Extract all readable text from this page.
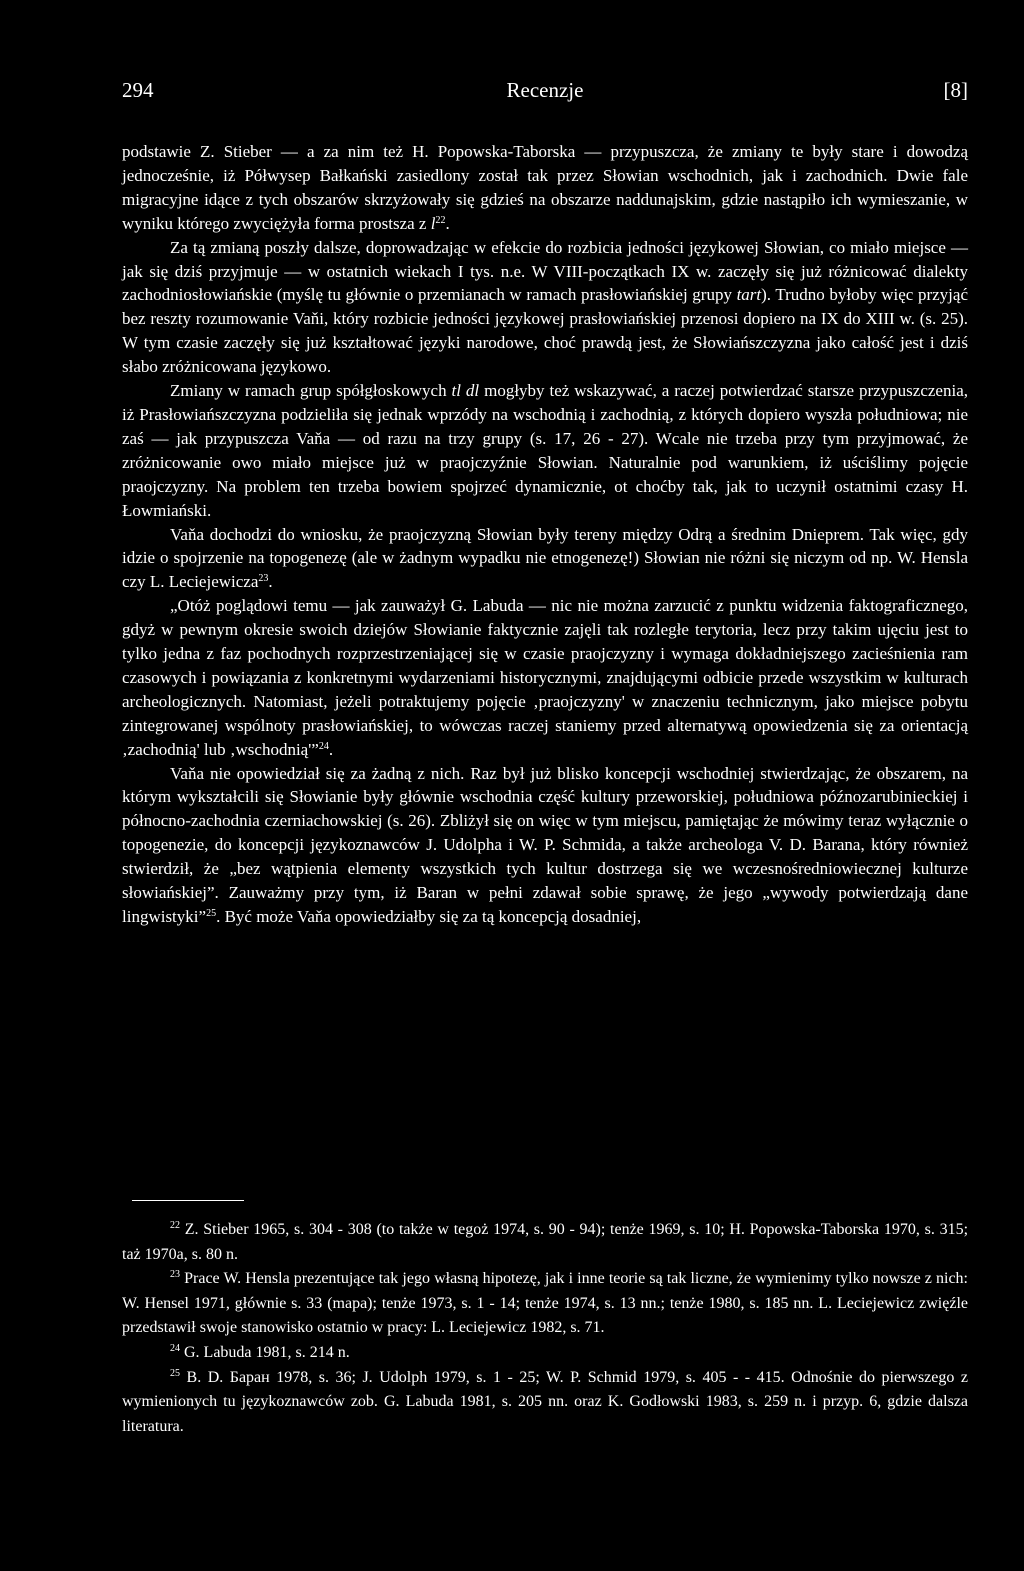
294	Recenzje	[8]

podstawie Z. Stieber — a za nim też H. Popowska-Taborska — przypuszcza, że zmiany te były stare i dowodzą jednocześnie, iż Półwysep Bałkański zasiedlony został tak przez Słowian wschodnich, jak i zachodnich. Dwie fale migracyjne idące z tych obszarów skrzyżowały się gdzieś na obszarze naddunajskim, gdzie nastąpiło ich wymieszanie, w wyniku którego zwyciężyła forma prostsza z $l^{22}$.

Za tą zmianą poszły dalsze, doprowadzając w efekcie do rozbicia jedności językowej Słowian, co miało miejsce — jak się dziś przyjmuje — w ostatnich wiekach I tys. n.e. W VIII-początkach IX w. zaczęły się już różnicować dialekty zachodniosłowiańskie (myślę tu głównie o przemianach w ramach prasłowiańskiej grupy tart). Trudno byłoby więc przyjąć bez reszty rozumowanie Vaňi, który rozbicie jedności językowej prasłowiańskiej przenosi dopiero na IX do XIII w. (s. 25). W tym czasie zaczęły się już kształtować języki narodowe, choć prawdą jest, że Słowiańszczyzna jako całość jest i dziś słabo zróżnicowana językowo.

Zmiany w ramach grup spółgłoskowych tl dl mogłyby też wskazywać, a raczej potwierdzać starsze przypuszczenia, iż Prasłowiańszczyzna podzieliła się jednak wprzódy na wschodnią i zachodnią, z których dopiero wyszła południowa; nie zaś — jak przypuszcza Vaňa — od razu na trzy grupy (s. 17, 26 - 27). Wcale nie trzeba przy tym przyjmować, że zróżnicowanie owo miało miejsce już w praojczyźnie Słowian. Naturalnie pod warunkiem, iż uściślimy pojęcie praojczyzny. Na problem ten trzeba bowiem spojrzeć dynamicznie, ot choćby tak, jak to uczynił ostatnimi czasy H. Łowmiański.

Vaňa dochodzi do wniosku, że praojczyzną Słowian były tereny między Odrą a średnim Dnieprem. Tak więc, gdy idzie o spojrzenie na topogenezę (ale w żadnym wypadku nie etnogenezę!) Słowian nie różni się niczym od np. W. Hensla czy L. Leciejewicza$^{23}$.

„Otóż poglądowi temu — jak zauważył G. Labuda — nic nie można zarzucić z punktu widzenia faktograficznego, gdyż w pewnym okresie swoich dziejów Słowianie faktycznie zajęli tak rozległe terytoria, lecz przy takim ujęciu jest to tylko jedna z faz pochodnych rozprzestrzeniającej się w czasie praojczyzny i wymaga dokładniejszego zacieśnienia ram czasowych i powiązania z konkretnymi wydarzeniami historycznymi, znajdującymi odbicie przede wszystkim w kulturach archeologicznych. Natomiast, jeżeli potraktujemy pojęcie ‚praojczyzny' w znaczeniu technicznym, jako miejsce pobytu zintegrowanej wspólnoty prasłowiańskiej, to wówczas raczej staniemy przed alternatywą opowiedzenia się za orientacją ‚zachodnią' lub ‚wschodnią'”$^{24}$.

Vaňa nie opowiedział się za żadną z nich. Raz był już blisko koncepcji wschodniej stwierdzając, że obszarem, na którym wykształcili się Słowianie były głównie wschodnia część kultury przeworskiej, południowa późnozarubinieckiej i północno-zachodnia czerniachowskiej (s. 26). Zbliżył się on więc w tym miejscu, pamiętając że mówimy teraz wyłącznie o topogenezie, do koncepcji językoznawców J. Udolpha i W. P. Schmida, a także archeologa V. D. Barana, który również stwierdził, że „bez wątpienia elementy wszystkich tych kultur dostrzega się we wczesnośredniowiecznej kulturze słowiańskiej”. Zauważmy przy tym, iż Baran w pełni zdawał sobie sprawę, że jego „wywody potwierdzają dane lingwistyki”$^{25}$. Być może Vaňa opowiedziałby się za tą koncepcją dosadniej,

$^{22}$ Z. Stieber 1965, s. 304 - 308 (to także w tegoż 1974, s. 90 - 94); tenże 1969, s. 10; H. Popowska-Taborska 1970, s. 315; taż 1970a, s. 80 n.

$^{23}$ Prace W. Hensla prezentujące tak jego własną hipotezę, jak i inne teorie są tak liczne, że wymienimy tylko nowsze z nich: W. Hensel 1971, głównie s. 33 (mapa); tenże 1973, s. 1 - 14; tenże 1974, s. 13 nn.; tenże 1980, s. 185 nn. L. Leciejewicz zwięźle przedstawił swoje stanowisko ostatnio w pracy: L. Leciejewicz 1982, s. 71.

$^{24}$ G. Labuda 1981, s. 214 n.

$^{25}$ В. D. Баран 1978, s. 36; J. Udolph 1979, s. 1 - 25; W. P. Schmid 1979, s. 405 - - 415. Odnośnie do pierwszego z wymienionych tu językoznawców zob. G. Labuda 1981, s. 205 nn. oraz K. Godłowski 1983, s. 259 n. i przyp. 6, gdzie dalsza literatura.
